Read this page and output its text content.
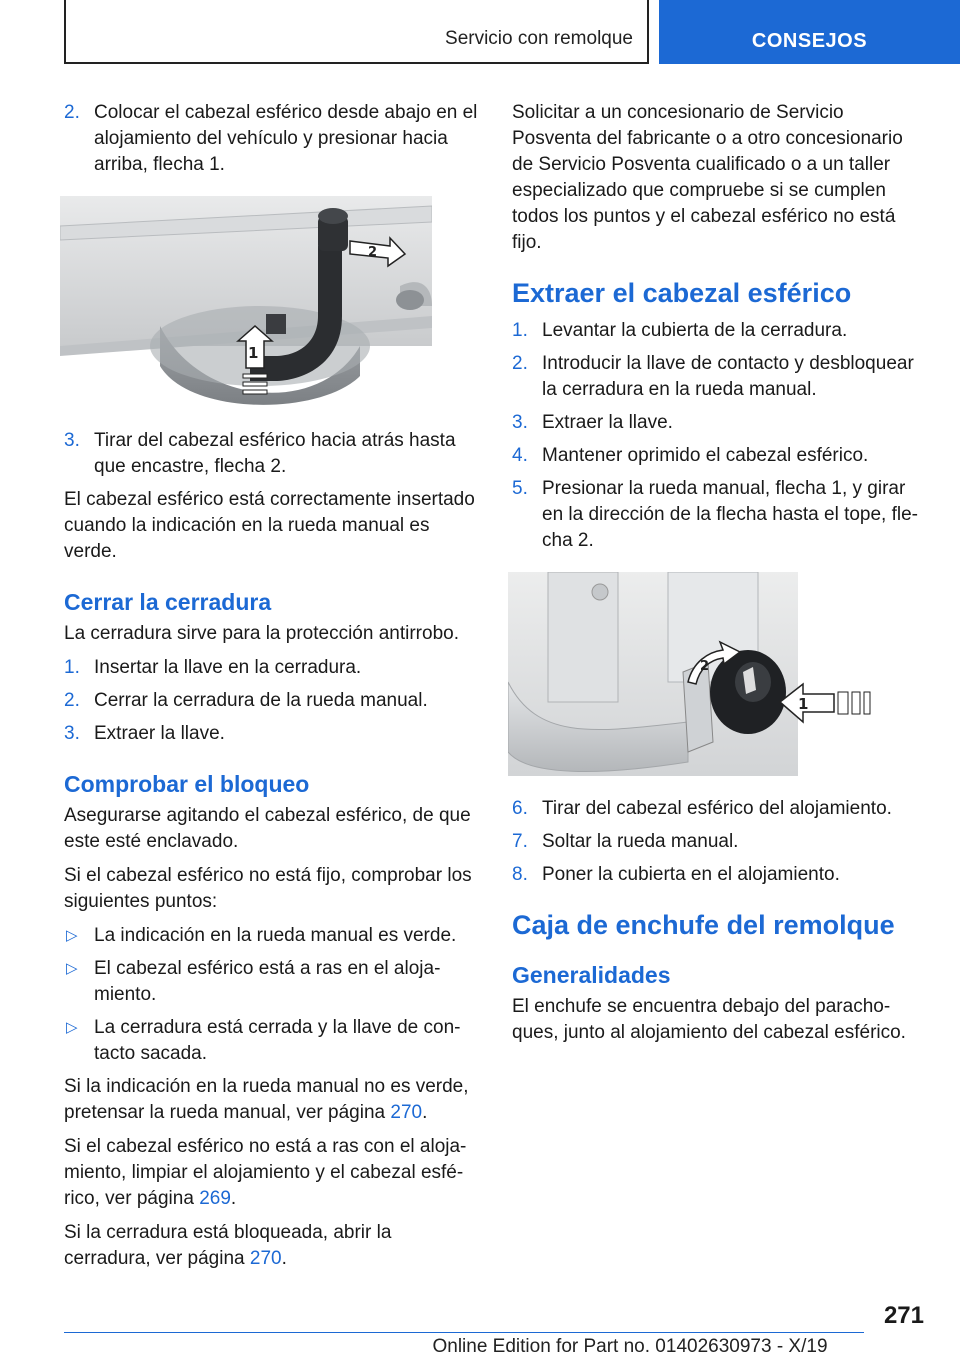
Servicio con remolque	CONSEJOS
2. Colocar el cabezal esférico desde abajo en el alojamiento del vehículo y presionar hacia arriba, flecha 1.
1
2
3. Tirar del cabezal esférico hacia atrás hasta que encastre, flecha 2.

El cabezal esférico está correctamente insertado cuando la indicación en la rueda manual es verde.

Cerrar la cerradura

La cerradura sirve para la protección antirrobo.

1. Insertar la llave en la cerradura.
2. Cerrar la cerradura de la rueda manual.
3. Extraer la llave.
Comprobar el bloqueo

Asegurarse agitando el cabezal esférico, de que este esté enclavado.

Si el cabezal esférico no está fijo, comprobar los siguientes puntos:

▷ La indicación en la rueda manual es verde.
▷ El cabezal esférico está a ras en el aloja‐miento.
▷ La cerradura está cerrada y la llave de con‐tacto sacada.

Si la indicación en la rueda manual no es verde, pretensar la rueda manual, ver página 270.

Si el cabezal esférico no está a ras con el aloja‐miento, limpiar el alojamiento y el cabezal esfé‐rico, ver página 269.

Si la cerradura está bloqueada, abrir la cerradura, ver página 270.

Solicitar a un concesionario de Servicio Posventa del fabricante o a otro concesionario de Servicio Posventa cualificado o a un taller especializado que compruebe si se cumplen todos los puntos y el cabezal esférico no está fijo.

Extraer el cabezal esférico
1. Levantar la cubierta de la cerradura.
2. Introducir la llave de contacto y desbloquear la cerradura en la rueda manual.
3. Extraer la llave.
4. Mantener oprimido el cabezal esférico.
5. Presionar la rueda manual, flecha 1, y girar en la dirección de la flecha hasta el tope, fle‐cha 2.
2
1
6. Tirar del cabezal esférico del alojamiento.
7. Soltar la rueda manual.
8. Poner la cubierta en el alojamiento.
Caja de enchufe del remolque
Generalidades

El enchufe se encuentra debajo del paracho‐ques, junto al alojamiento del cabezal esférico.

271
Online Edition for Part no. 01402630973 - X/19
